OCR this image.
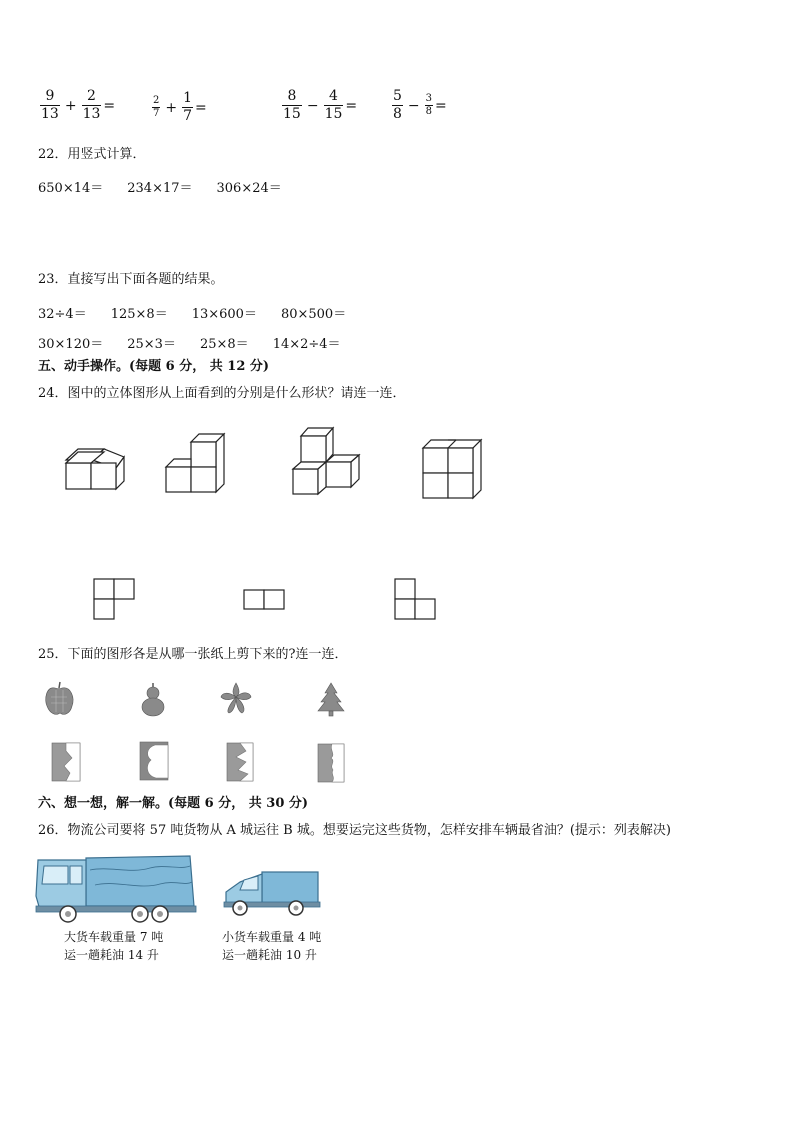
$\frac{9}{13} + \frac{2}{13}$ =	$\frac{2}{7} + \frac{1}{7}$ =	$\frac{8}{15} - \frac{4}{15} = \frac{5}{8} - \frac{3}{8}$ =
22．用竖式计算．
650×14＝ 234×17＝ 306×24＝
23．直接写出下面各题的结果。
32÷4＝ 125×8＝ 13×600＝ 80×500＝
30×120＝ 25×3＝ 25×8＝ 14×2÷4＝
五、动手操作。(每题 6 分， 共 12 分)
24．图中的立体图形从上面看到的分别是什么形状？请连一连．
25．下面的图形各是从哪一张纸上剪下来的?连一连．
六、想一想，解一解。(每题 6 分， 共 30 分)
26．物流公司要将 57 吨货物从 A 城运往 B 城。想要运完这些货物，怎样安排车辆最省油？(提示：列表解决)
大货车载重量 7 吨
运一趟耗油 14 升
小货车载重量 4 吨
运一趟耗油 10 升
